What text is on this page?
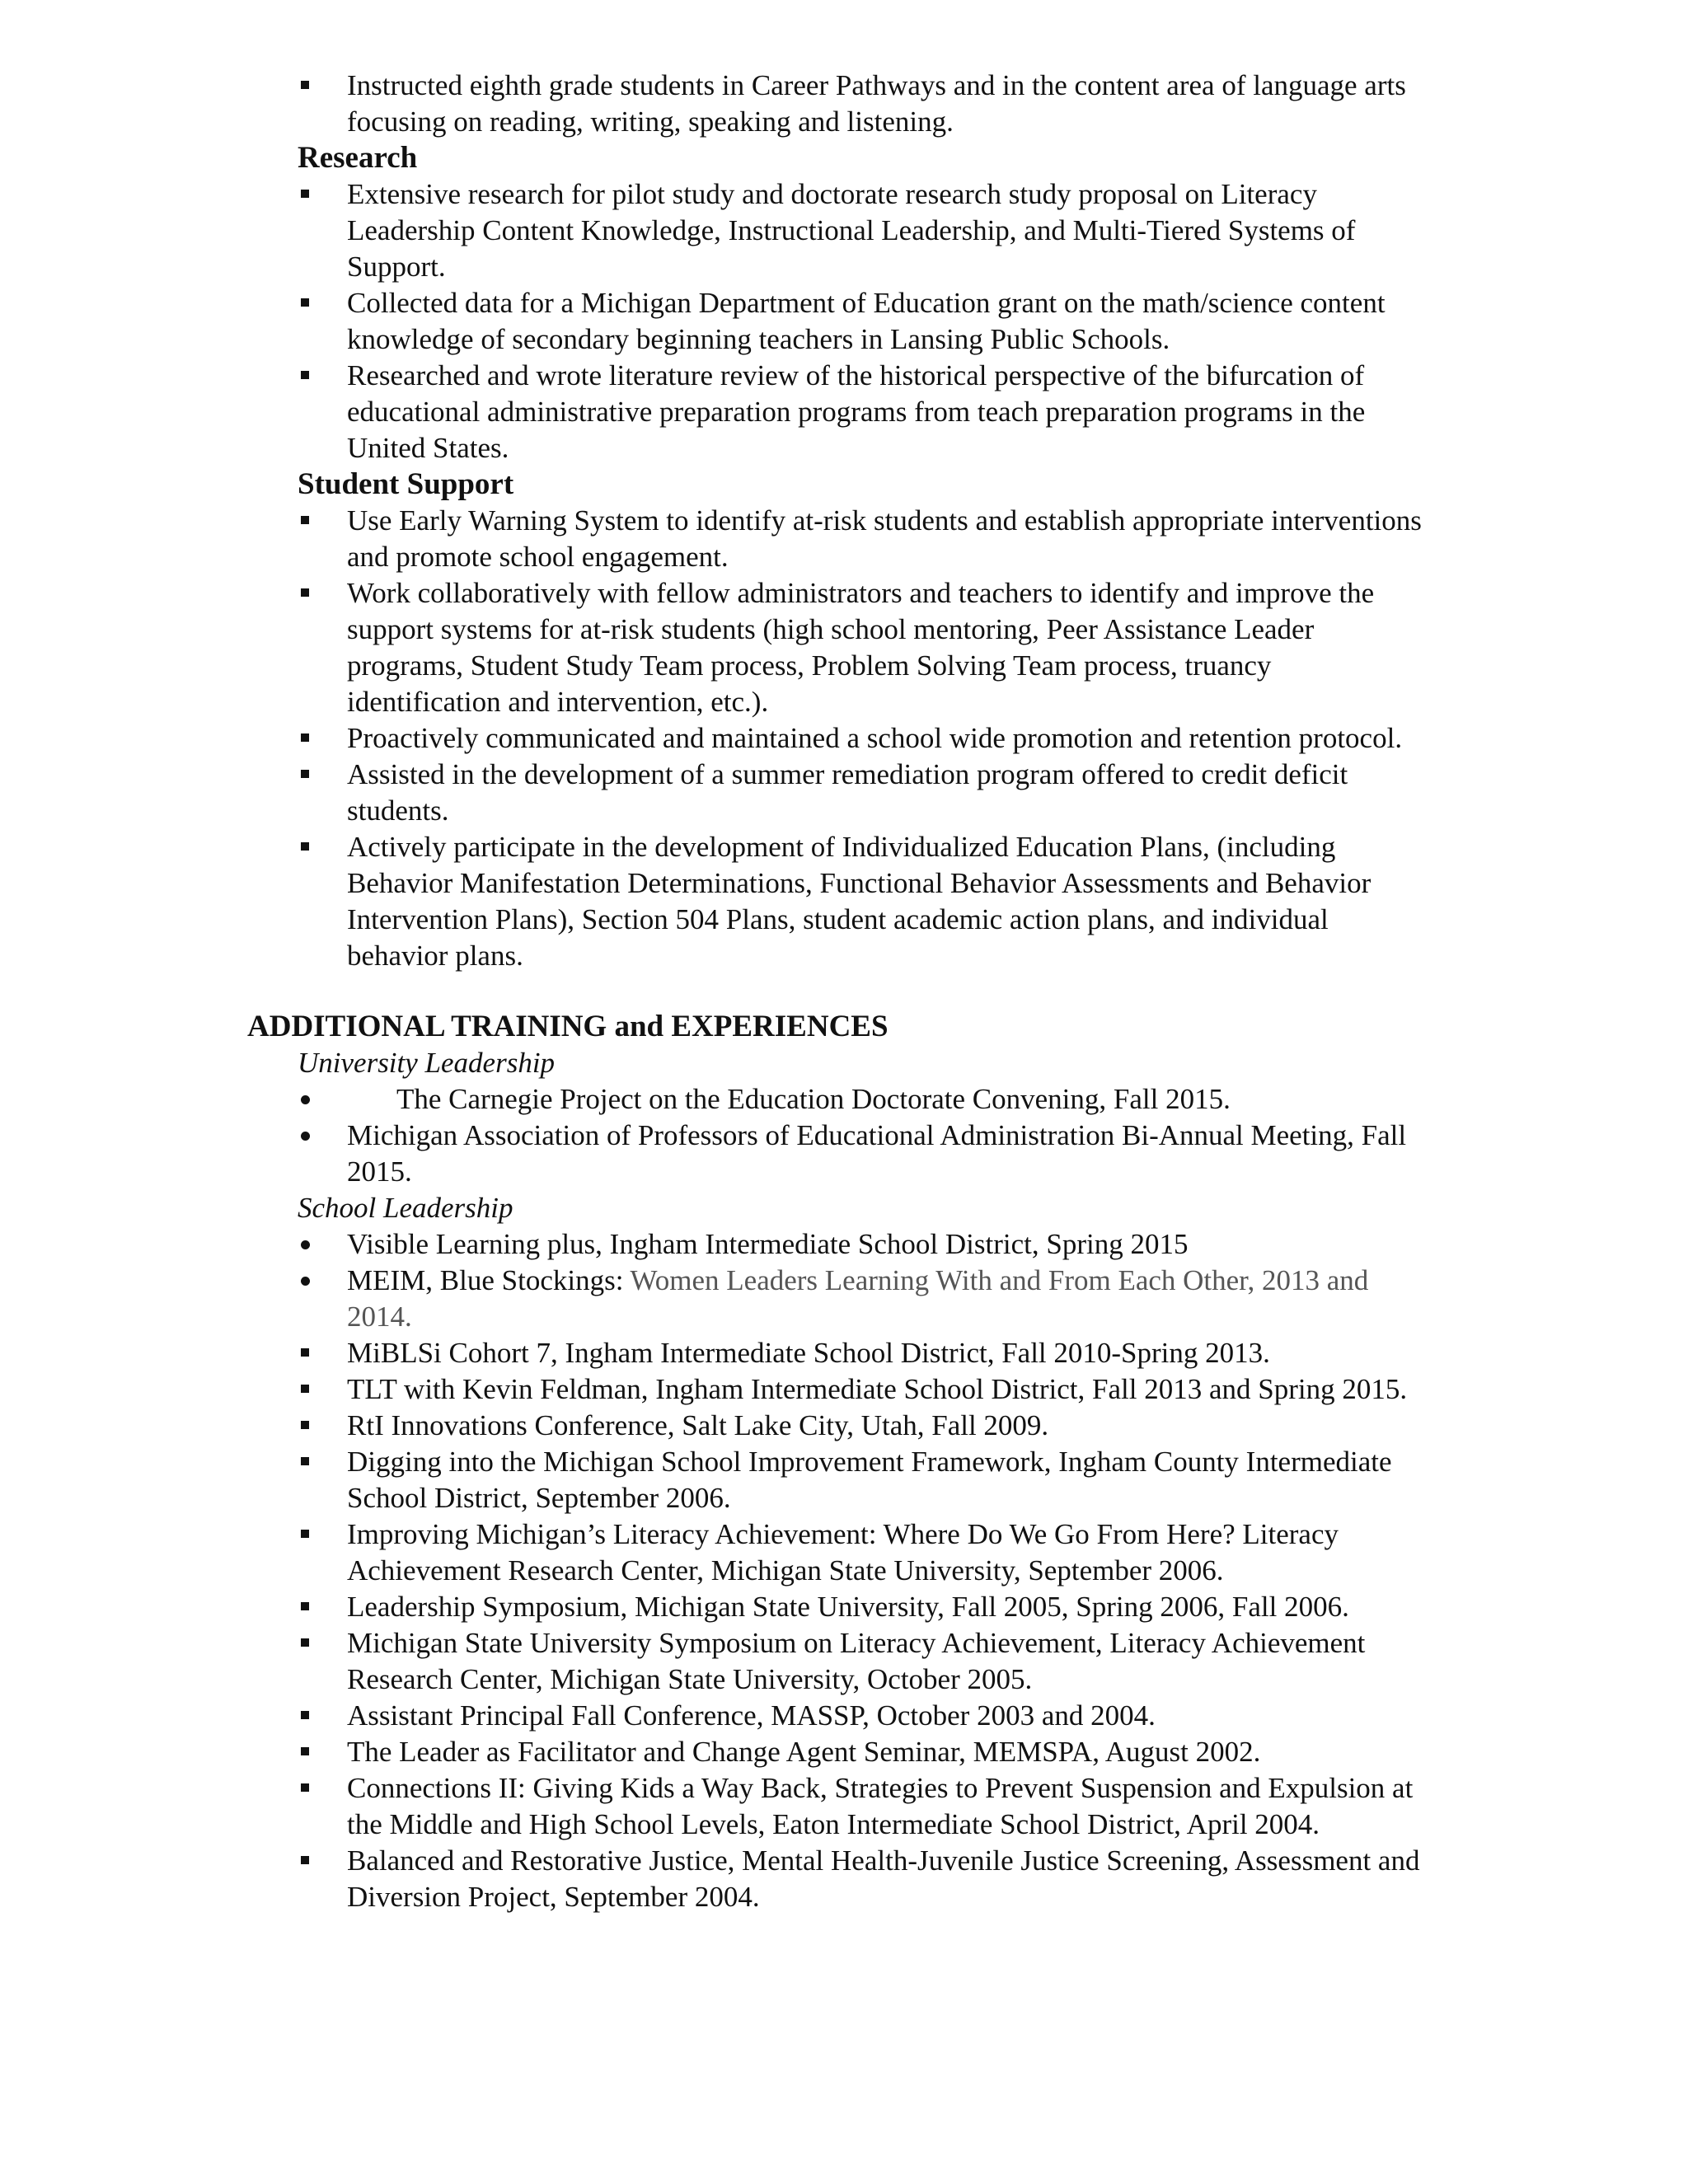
Instructed eighth grade students in Career Pathways and in the content area of language arts focusing on reading, writing, speaking and listening.
Research
Extensive research for pilot study and doctorate research study proposal on Literacy Leadership Content Knowledge, Instructional Leadership, and Multi-Tiered Systems of Support.
Collected data for a Michigan Department of Education grant on the math/science content knowledge of secondary beginning teachers in Lansing Public Schools.
Researched and wrote literature review of the historical perspective of the bifurcation of educational administrative preparation programs from teach preparation programs in the United States.
Student Support
Use Early Warning System to identify at-risk students and establish appropriate interventions and promote school engagement.
Work collaboratively with fellow administrators and teachers to identify and improve the support systems for at-risk students (high school mentoring, Peer Assistance Leader programs, Student Study Team process, Problem Solving Team process, truancy identification and intervention, etc.).
Proactively communicated and maintained a school wide promotion and retention protocol.
Assisted in the development of a summer remediation program offered to credit deficit students.
Actively participate in the development of Individualized Education Plans, (including Behavior Manifestation Determinations, Functional Behavior Assessments and Behavior Intervention Plans), Section 504 Plans, student academic action plans, and individual behavior plans.
ADDITIONAL TRAINING and EXPERIENCES
University Leadership
The Carnegie Project on the Education Doctorate Convening, Fall 2015.
Michigan Association of Professors of Educational Administration Bi-Annual Meeting, Fall 2015.
School Leadership
Visible Learning plus, Ingham Intermediate School District, Spring 2015
MEIM, Blue Stockings: Women Leaders Learning With and From Each Other, 2013 and 2014.
MiBLSi Cohort 7, Ingham Intermediate School District, Fall 2010-Spring 2013.
TLT with Kevin Feldman, Ingham Intermediate School District, Fall 2013 and Spring 2015.
RtI Innovations Conference, Salt Lake City, Utah, Fall 2009.
Digging into the Michigan School Improvement Framework, Ingham County Intermediate School District, September 2006.
Improving Michigan’s Literacy Achievement: Where Do We Go From Here? Literacy Achievement Research Center, Michigan State University, September 2006.
Leadership Symposium, Michigan State University, Fall 2005, Spring 2006, Fall 2006.
Michigan State University Symposium on Literacy Achievement, Literacy Achievement Research Center, Michigan State University, October 2005.
Assistant Principal Fall Conference, MASSP, October 2003 and 2004.
The Leader as Facilitator and Change Agent Seminar, MEMSPA, August 2002.
Connections II: Giving Kids a Way Back, Strategies to Prevent Suspension and Expulsion at the Middle and High School Levels, Eaton Intermediate School District, April 2004.
Balanced and Restorative Justice, Mental Health-Juvenile Justice Screening, Assessment and Diversion Project, September 2004.
